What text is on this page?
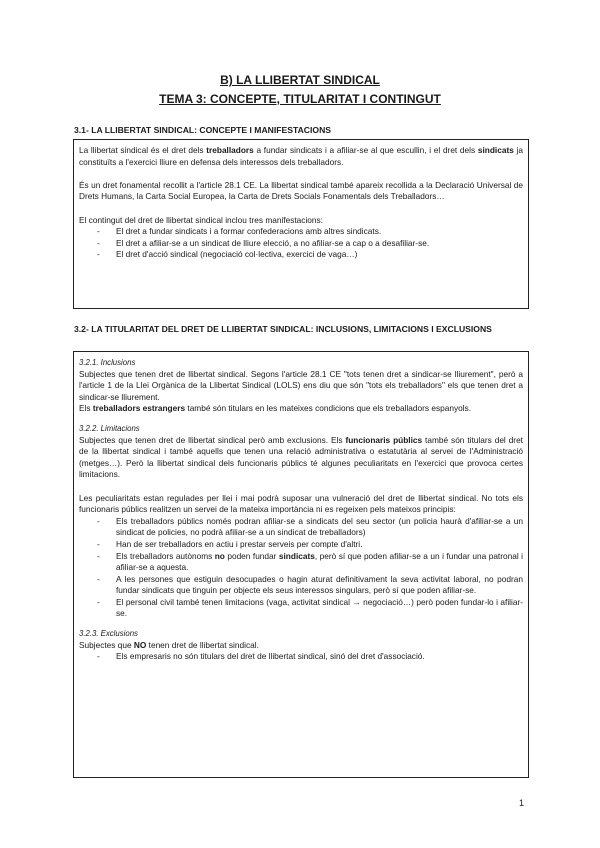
B) LA LLIBERTAT SINDICAL
TEMA 3: CONCEPTE, TITULARITAT I CONTINGUT
3.1- LA LLIBERTAT SINDICAL: CONCEPTE I MANIFESTACIONS

La llibertat sindical és el dret dels treballadors a fundar sindicats i a afiliar-se al que escullin, i el dret dels sindicats ja constituïts a l'exercici lliure en defensa dels interessos dels treballadors.

És un dret fonamental recollit a l'article 28.1 CE. La llibertat sindical també apareix recollida a la Declaració Universal de Drets Humans, la Carta Social Europea, la Carta de Drets Socials Fonamentals dels Treballadors…

El contingut del dret de llibertat sindical inclou tres manifestacions:

- El dret a fundar sindicats i a formar confederacions amb altres sindicats.
- El dret a afiliar-se a un sindicat de lliure elecció, a no afiliar-se a cap o a desafiliar-se.
- El dret d'acció sindical (negociació col·lectiva, exercici de vaga…)
3.2- LA TITULARITAT DEL DRET DE LLIBERTAT SINDICAL: INCLUSIONS, LIMITACIONS I EXCLUSIONS

3.2.1. Inclusions

Subjectes que tenen dret de llibertat sindical. Segons l'article 28.1 CE "tots tenen dret a sindicar-se lliurement", però a l'article 1 de la Llei Orgànica de la Llibertat Sindical (LOLS) ens diu que són "tots els treballadors" els que tenen dret a sindicar-se lliurement.

Els treballadors estrangers també són titulars en les mateixes condicions que els treballadors espanyols.

3.2.2. Limitacions

Subjectes que tenen dret de llibertat sindical però amb exclusions. Els funcionaris públics també són titulars del dret de la llibertat sindical i també aquells que tenen una relació administrativa o estatutària al servei de l'Administració (metges…). Però la llibertat sindical dels funcionaris públics té algunes peculiaritats en l'exercici que provoca certes limitacions.

Les peculiaritats estan regulades per llei i mai podrà suposar una vulneració del dret de llibertat sindical. No tots els funcionaris públics realitzen un servei de la mateixa importància ni es regeixen pels mateixos principis:

- Els treballadors públics només podran afiliar-se a sindicats del seu sector (un policia haurà d'afiliar-se a un sindicat de policies, no podrà afiliar-se a un sindicat de treballadors)
- Han de ser treballadors en actiu i prestar serveis per compte d'altri.
- Els treballadors autònoms no poden fundar sindicats, però sí que poden afiliar-se a un i fundar una patronal i afiliar-se a aquesta.
- A les persones que estiguin desocupades o hagin aturat definitivament la seva activitat laboral, no podran fundar sindicats que tinguin per objecte els seus interessos singulars, però sí que poden afiliar-se.
- El personal civil també tenen limitacions (vaga, activitat sindical → negociació…) però poden fundar-lo i afiliar-se.

3.2.3. Exclusions

Subjectes que NO tenen dret de llibertat sindical.

- Els empresaris no són titulars del dret de llibertat sindical, sinó del dret d'associació.
1
